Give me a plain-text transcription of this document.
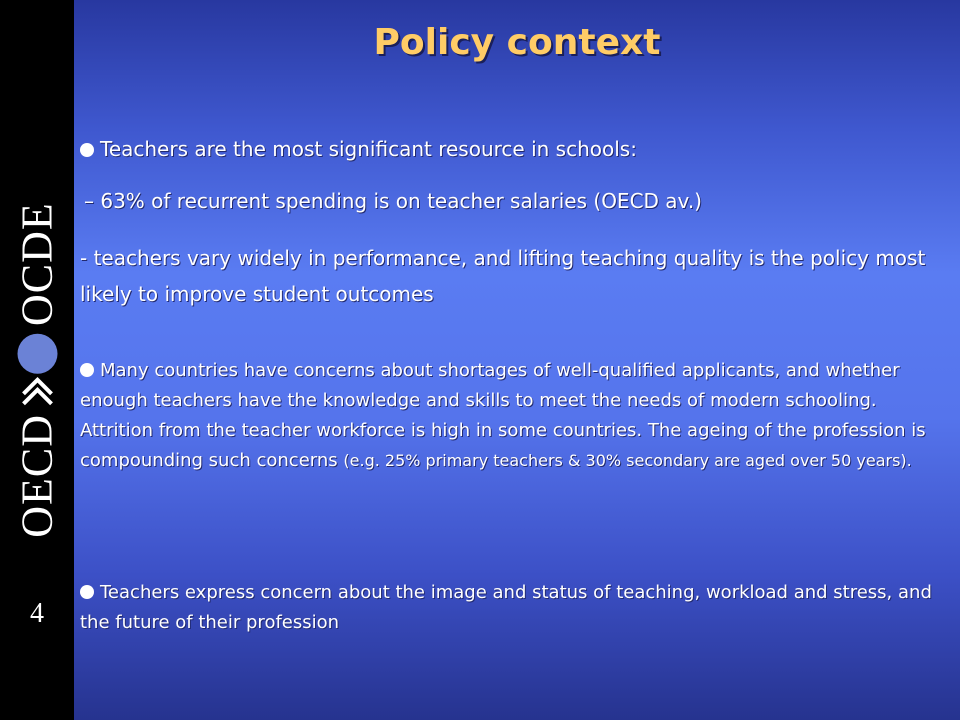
OECD
OCDE
4
Policy context
Teachers are the most significant resource in schools:
– 63% of recurrent spending is on teacher salaries (OECD av.)
- teachers vary widely in performance, and lifting teaching quality is the policy most likely to improve student outcomes
Many countries have concerns about shortages of well-qualified applicants, and whether enough teachers have the knowledge and skills to meet the needs of modern schooling. Attrition from the teacher workforce is high in some countries. The ageing of the profession is compounding such concerns (e.g. 25% primary teachers & 30% secondary are aged over 50 years).
Teachers express concern about the image and status of teaching, workload and stress, and the future of their profession
